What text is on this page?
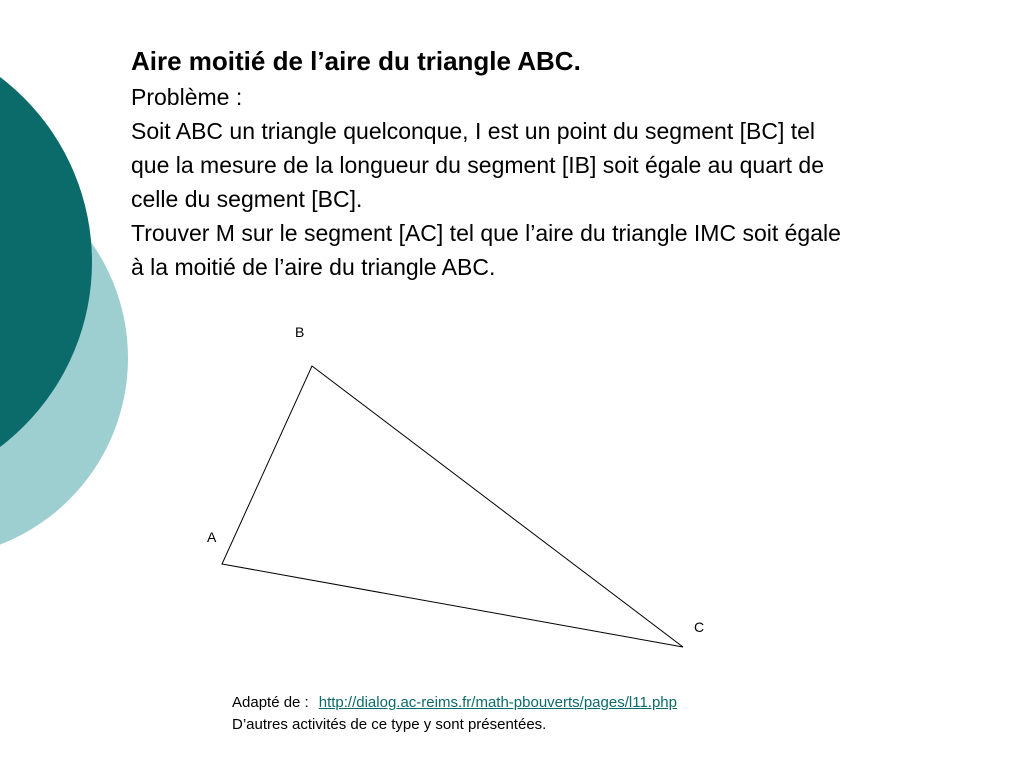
Aire moitié de l’aire du triangle ABC.
Problème :
Soit ABC un triangle quelconque, I est un point du segment [BC] tel
que la mesure de la longueur du segment [IB] soit égale au quart de
celle du segment [BC].
Trouver M sur le segment [AC] tel que l’aire du triangle IMC soit égale
à la moitié de l’aire du triangle ABC.
B
A
C
Adapté de : http://dialog.ac-reims.fr/math-pbouverts/pages/l11.php
D’autres activités de ce type y sont présentées.
